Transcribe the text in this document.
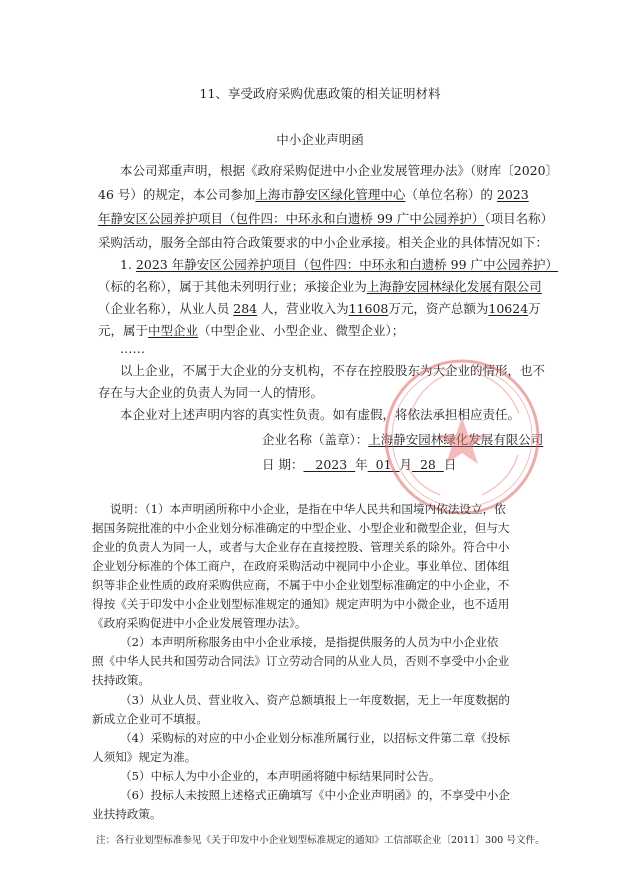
11、享受政府采购优惠政策的相关证明材料
中小企业声明函
本公司郑重声明，根据《政府采购促进中小企业发展管理办法》（财库〔2020〕
46 号）的规定，本公司参加上海市静安区绿化管理中心（单位名称）的 2023
年静安区公园养护项目（包件四：中环永和白遗桥 99 广中公园养护）（项目名称）
采购活动，服务全部由符合政策要求的中小企业承接。相关企业的具体情况如下：
1. 2023 年静安区公园养护项目（包件四：中环永和白遗桥 99 广中公园养护）
（标的名称），属于其他未列明行业；承接企业为上海静安园林绿化发展有限公司
（企业名称），从业人员 284 人，营业收入为11608万元，资产总额为10624万
元，属于中型企业（中型企业、小型企业、微型企业）；
……
以上企业，不属于大企业的分支机构，不存在控股股东为大企业的情形，也不
存在与大企业的负责人为同一人的情形。
本企业对上述声明内容的真实性负责。如有虚假，将依法承担相应责任。
企业名称（盖章）：上海静安园林绿化发展有限公司
日 期： 2023 年 01 月 28 日
说明：（1）本声明函所称中小企业，是指在中华人民共和国境内依法设立，依
据国务院批准的中小企业划分标准确定的中型企业、小型企业和微型企业，但与大
企业的负责人为同一人，或者与大企业存在直接控股、管理关系的除外。符合中小
企业划分标准的个体工商户，在政府采购活动中视同中小企业。事业单位、团体组
织等非企业性质的政府采购供应商，不属于中小企业划型标准确定的中小企业，不
得按《关于印发中小企业划型标准规定的通知》规定声明为中小微企业，也不适用
《政府采购促进中小企业发展管理办法》。
（2）本声明所称服务由中小企业承接，是指提供服务的人员为中小企业依
照《中华人民共和国劳动合同法》订立劳动合同的从业人员，否则不享受中小企业
扶持政策。
（3）从业人员、营业收入、资产总额填报上一年度数据，无上一年度数据的
新成立企业可不填报。
（4）采购标的对应的中小企业划分标准所属行业，以招标文件第二章《投标
人须知》规定为准。
（5）中标人为中小企业的，本声明函将随中标结果同时公告。
（6）投标人未按照上述格式正确填写《中小企业声明函》的，不享受中小企
业扶持政策。
注：各行业划型标准参见《关于印发中小企业划型标准规定的通知》工信部联企业〔2011〕300 号文件。
